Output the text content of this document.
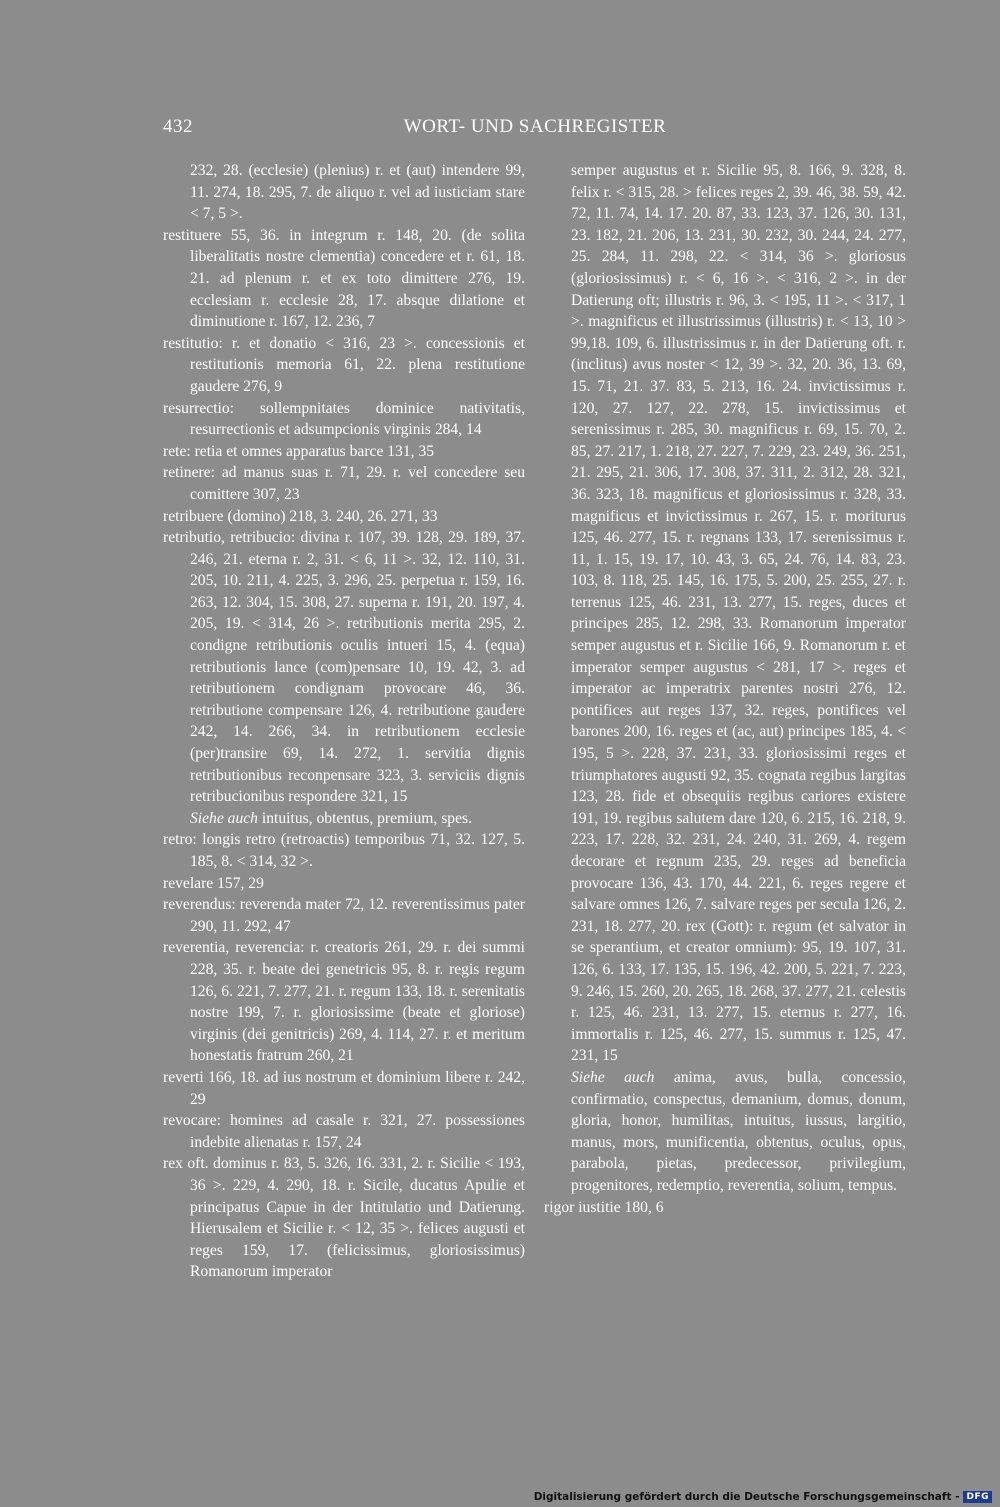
432	WORT- UND SACHREGISTER

232, 28. (ecclesie) (plenius) r. et (aut) intendere 99, 11. 274, 18. 295, 7. de aliquo r. vel ad iusticiam stare < 7, 5 >.

restituere 55, 36. in integrum r. 148, 20. (de solita liberalitatis nostre clementia) concedere et r. 61, 18. 21. ad plenum r. et ex toto dimittere 276, 19. ecclesiam r. ecclesie 28, 17. absque dilatione et diminutione r. 167, 12. 236, 7

restitutio: r. et donatio < 316, 23 >. concessionis et restitutionis memoria 61, 22. plena restitutione gaudere 276, 9

resurrectio: sollempnitates dominice nativitatis, resurrectionis et adsumpcionis virginis 284, 14

rete: retia et omnes apparatus barce 131, 35

retinere: ad manus suas r. 71, 29. r. vel concedere seu comittere 307, 23

retribuere (domino) 218, 3. 240, 26. 271, 33

retributio, retribucio: divina r. 107, 39. 128, 29. 189, 37. 246, 21. eterna r. 2, 31. < 6, 11 >. 32, 12. 110, 31. 205, 10. 211, 4. 225, 3. 296, 25. perpetua r. 159, 16. 263, 12. 304, 15. 308, 27. superna r. 191, 20. 197, 4. 205, 19. < 314, 26 >. retributionis merita 295, 2. condigne retributionis oculis intueri 15, 4. (equa) retributionis lance (com)pensare 10, 19. 42, 3. ad retributionem condignam provocare 46, 36. retributione compensare 126, 4. retributione gaudere 242, 14. 266, 34. in retributionem ecclesie (per)transire 69, 14. 272, 1. servitia dignis retributionibus reconpensare 323, 3. serviciis dignis retribucionibus respondere 321, 15

Siehe auch intuitus, obtentus, premium, spes.

retro: longis retro (retroactis) temporibus 71, 32. 127, 5. 185, 8. < 314, 32 >.

revelare 157, 29

reverendus: reverenda mater 72, 12. reverentissimus pater 290, 11. 292, 47

reverentia, reverencia: r. creatoris 261, 29. r. dei summi 228, 35. r. beate dei genetricis 95, 8. r. regis regum 126, 6. 221, 7. 277, 21. r. regum 133, 18. r. serenitatis nostre 199, 7. r. gloriosissime (beate et gloriose) virginis (dei genitricis) 269, 4. 114, 27. r. et meritum honestatis fratrum 260, 21

reverti 166, 18. ad ius nostrum et dominium libere r. 242, 29

revocare: homines ad casale r. 321, 27. possessiones indebite alienatas r. 157, 24

rex oft. dominus r. 83, 5. 326, 16. 331, 2. r. Sicilie < 193, 36 >. 229, 4. 290, 18. r. Sicile, ducatus Apulie et principatus Capue in der Intitulatio und Datierung. Hierusalem et Sicilie r. < 12, 35 >. felices augusti et reges 159, 17. (felicissimus, gloriosissimus) Romanorum imperator

semper augustus et r. Sicilie 95, 8. 166, 9. 328, 8. felix r. < 315, 28. > felices reges 2, 39. 46, 38. 59, 42. 72, 11. 74, 14. 17. 20. 87, 33. 123, 37. 126, 30. 131, 23. 182, 21. 206, 13. 231, 30. 232, 30. 244, 24. 277, 25. 284, 11. 298, 22. < 314, 36 >. gloriosus (gloriosissimus) r. < 6, 16 >. < 316, 2 >. in der Datierung oft; illustris r. 96, 3. < 195, 11 >. < 317, 1 >. magnificus et illustrissimus (illustris) r. < 13, 10 > 99,18. 109, 6. illustrissimus r. in der Datierung oft. r. (inclitus) avus noster < 12, 39 >. 32, 20. 36, 13. 69, 15. 71, 21. 37. 83, 5. 213, 16. 24. invictissimus r. 120, 27. 127, 22. 278, 15. invictissimus et serenissimus r. 285, 30. magnificus r. 69, 15. 70, 2. 85, 27. 217, 1. 218, 27. 227, 7. 229, 23. 249, 36. 251, 21. 295, 21. 306, 17. 308, 37. 311, 2. 312, 28. 321, 36. 323, 18. magnificus et gloriosissimus r. 328, 33. magnificus et invictissimus r. 267, 15. r. moriturus 125, 46. 277, 15. r. regnans 133, 17. serenissimus r. 11, 1. 15, 19. 17, 10. 43, 3. 65, 24. 76, 14. 83, 23. 103, 8. 118, 25. 145, 16. 175, 5. 200, 25. 255, 27. r. terrenus 125, 46. 231, 13. 277, 15. reges, duces et principes 285, 12. 298, 33. Romanorum imperator semper augustus et r. Sicilie 166, 9. Romanorum r. et imperator semper augustus < 281, 17 >. reges et imperator ac imperatrix parentes nostri 276, 12. pontifices aut reges 137, 32. reges, pontifices vel barones 200, 16. reges et (ac, aut) principes 185, 4. < 195, 5 >. 228, 37. 231, 33. gloriosissimi reges et triumphatores augusti 92, 35. cognata regibus largitas 123, 28. fide et obsequiis regibus cariores existere 191, 19. regibus salutem dare 120, 6. 215, 16. 218, 9. 223, 17. 228, 32. 231, 24. 240, 31. 269, 4. regem decorare et regnum 235, 29. reges ad beneficia provocare 136, 43. 170, 44. 221, 6. reges regere et salvare omnes 126, 7. salvare reges per secula 126, 2. 231, 18. 277, 20. rex (Gott): r. regum (et salvator in se sperantium, et creator omnium): 95, 19. 107, 31. 126, 6. 133, 17. 135, 15. 196, 42. 200, 5. 221, 7. 223, 9. 246, 15. 260, 20. 265, 18. 268, 37. 277, 21. celestis r. 125, 46. 231, 13. 277, 15. eternus r. 277, 16. immortalis r. 125, 46. 277, 15. summus r. 125, 47. 231, 15

Siehe auch anima, avus, bulla, concessio, confirmatio, conspectus, demanium, domus, donum, gloria, honor, humilitas, intuitus, iussus, largitio, manus, mors, munificentia, obtentus, oculus, opus, parabola, pietas, predecessor, privilegium, progenitores, redemptio, reverentia, solium, tempus.

rigor iustitie 180, 6

Digitalisierung gefördert durch die Deutsche Forschungsgemeinschaft - DFG
